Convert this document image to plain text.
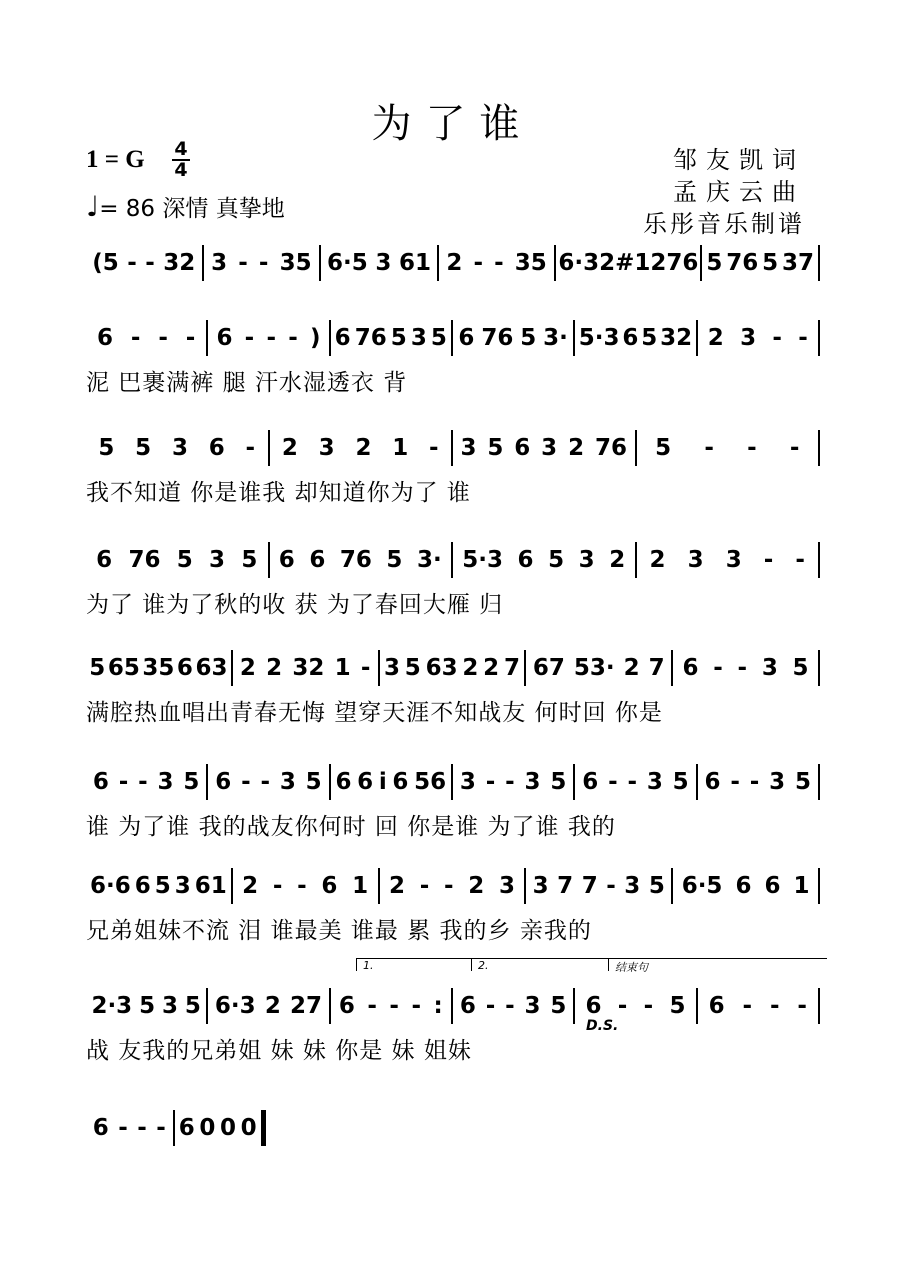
为了谁
1 = G 4
4
♩= 86 深情 真挚地
邹友凯词
孟庆云曲
乐彤音乐制谱
(5 - - 32 3 - - 35 6·5 3 61 2 - - 35 6·3 2 #12 76 5 76 5 37
6 - - - 6 - - - ) 6 76 5 3 5 6 76 5 3· 5·3 6 5 32 2 3 - -
泥 巴裹满裤 腿 汗水湿透衣 背
5 5 3 6 - 2 3 2 1 - 3 5 6 3 2 76 5 - - -
我不知道 你是谁我 却知道你为了 谁
6 76 5 3 5 6 6 76 5 3· 5·3 6 5 3 2 2 3 3 - -
为了 谁为了秋的收 获 为了春回大雁 归
5 65 35 6 63 2 2 32 1 - 3 5 63 2 2 7 67 53· 2 7 6 - - 3 5
满腔热血唱出青春无悔 望穿天涯不知战友 何时回 你是
6 - - 3 5 6 - - 3 5 6 6 i 6 56 3 - - 3 5 6 - - 3 5 6 - - 3 5
谁 为了谁 我的战友你何时 回 你是谁 为了谁 我的
6·6 6 5 3 61 2 - - 6 1 2 - - 2 3 3 7 7 - 3 5 6·5 6 6 1
兄弟姐妹不流 泪 谁最美 谁最 累 我的乡 亲我的
2·3 5 3 5 6·3 2 27 6 - - - : 6 - - 3 5 6 - - 5 6 - - -
战 友我的兄弟姐 妹 妹 你是 妹 姐妹
1.	2.	结束句
D.S.
6 - - - 6 0 0 0
